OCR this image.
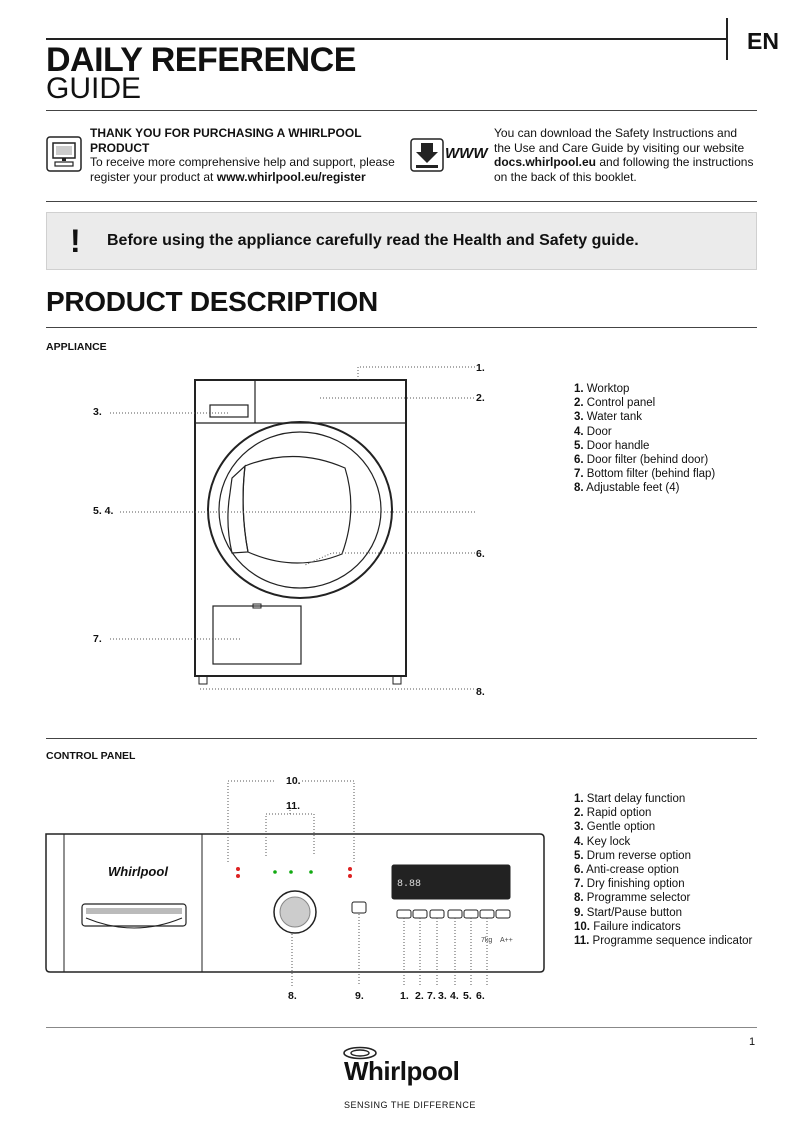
EN
DAILY REFERENCE
GUIDE
THANK YOU FOR PURCHASING A WHIRLPOOL PRODUCT
To receive more comprehensive help and support, please register your product at www.whirlpool.eu/register
WWW
You can download the Safety Instructions and the Use and Care Guide by visiting our website docs.whirlpool.eu and following the instructions on the back of this booklet.
! Before using the appliance carefully read the Health and Safety guide.
PRODUCT DESCRIPTION
APPLIANCE
1.
2.
3.
5. 4.
6.
7.
8.
1. Worktop
2. Control panel
3. Water tank
4. Door
5. Door handle
6. Door filter (behind door)
7. Bottom filter (behind flap)
8. Adjustable feet (4)
CONTROL PANEL
Whirlpool
8.88
7kg A++
10.
11.
8.	9.	1. 2. 7. 3. 4. 5. 6.
1. Start delay function
2. Rapid option
3. Gentle option
4. Key lock
5. Drum reverse option
6. Anti-crease option
7. Dry finishing option
8. Programme selector
9. Start/Pause button
10. Failure indicators
11. Programme sequence indicator
1
Whirlpool
SENSING THE DIFFERENCE
